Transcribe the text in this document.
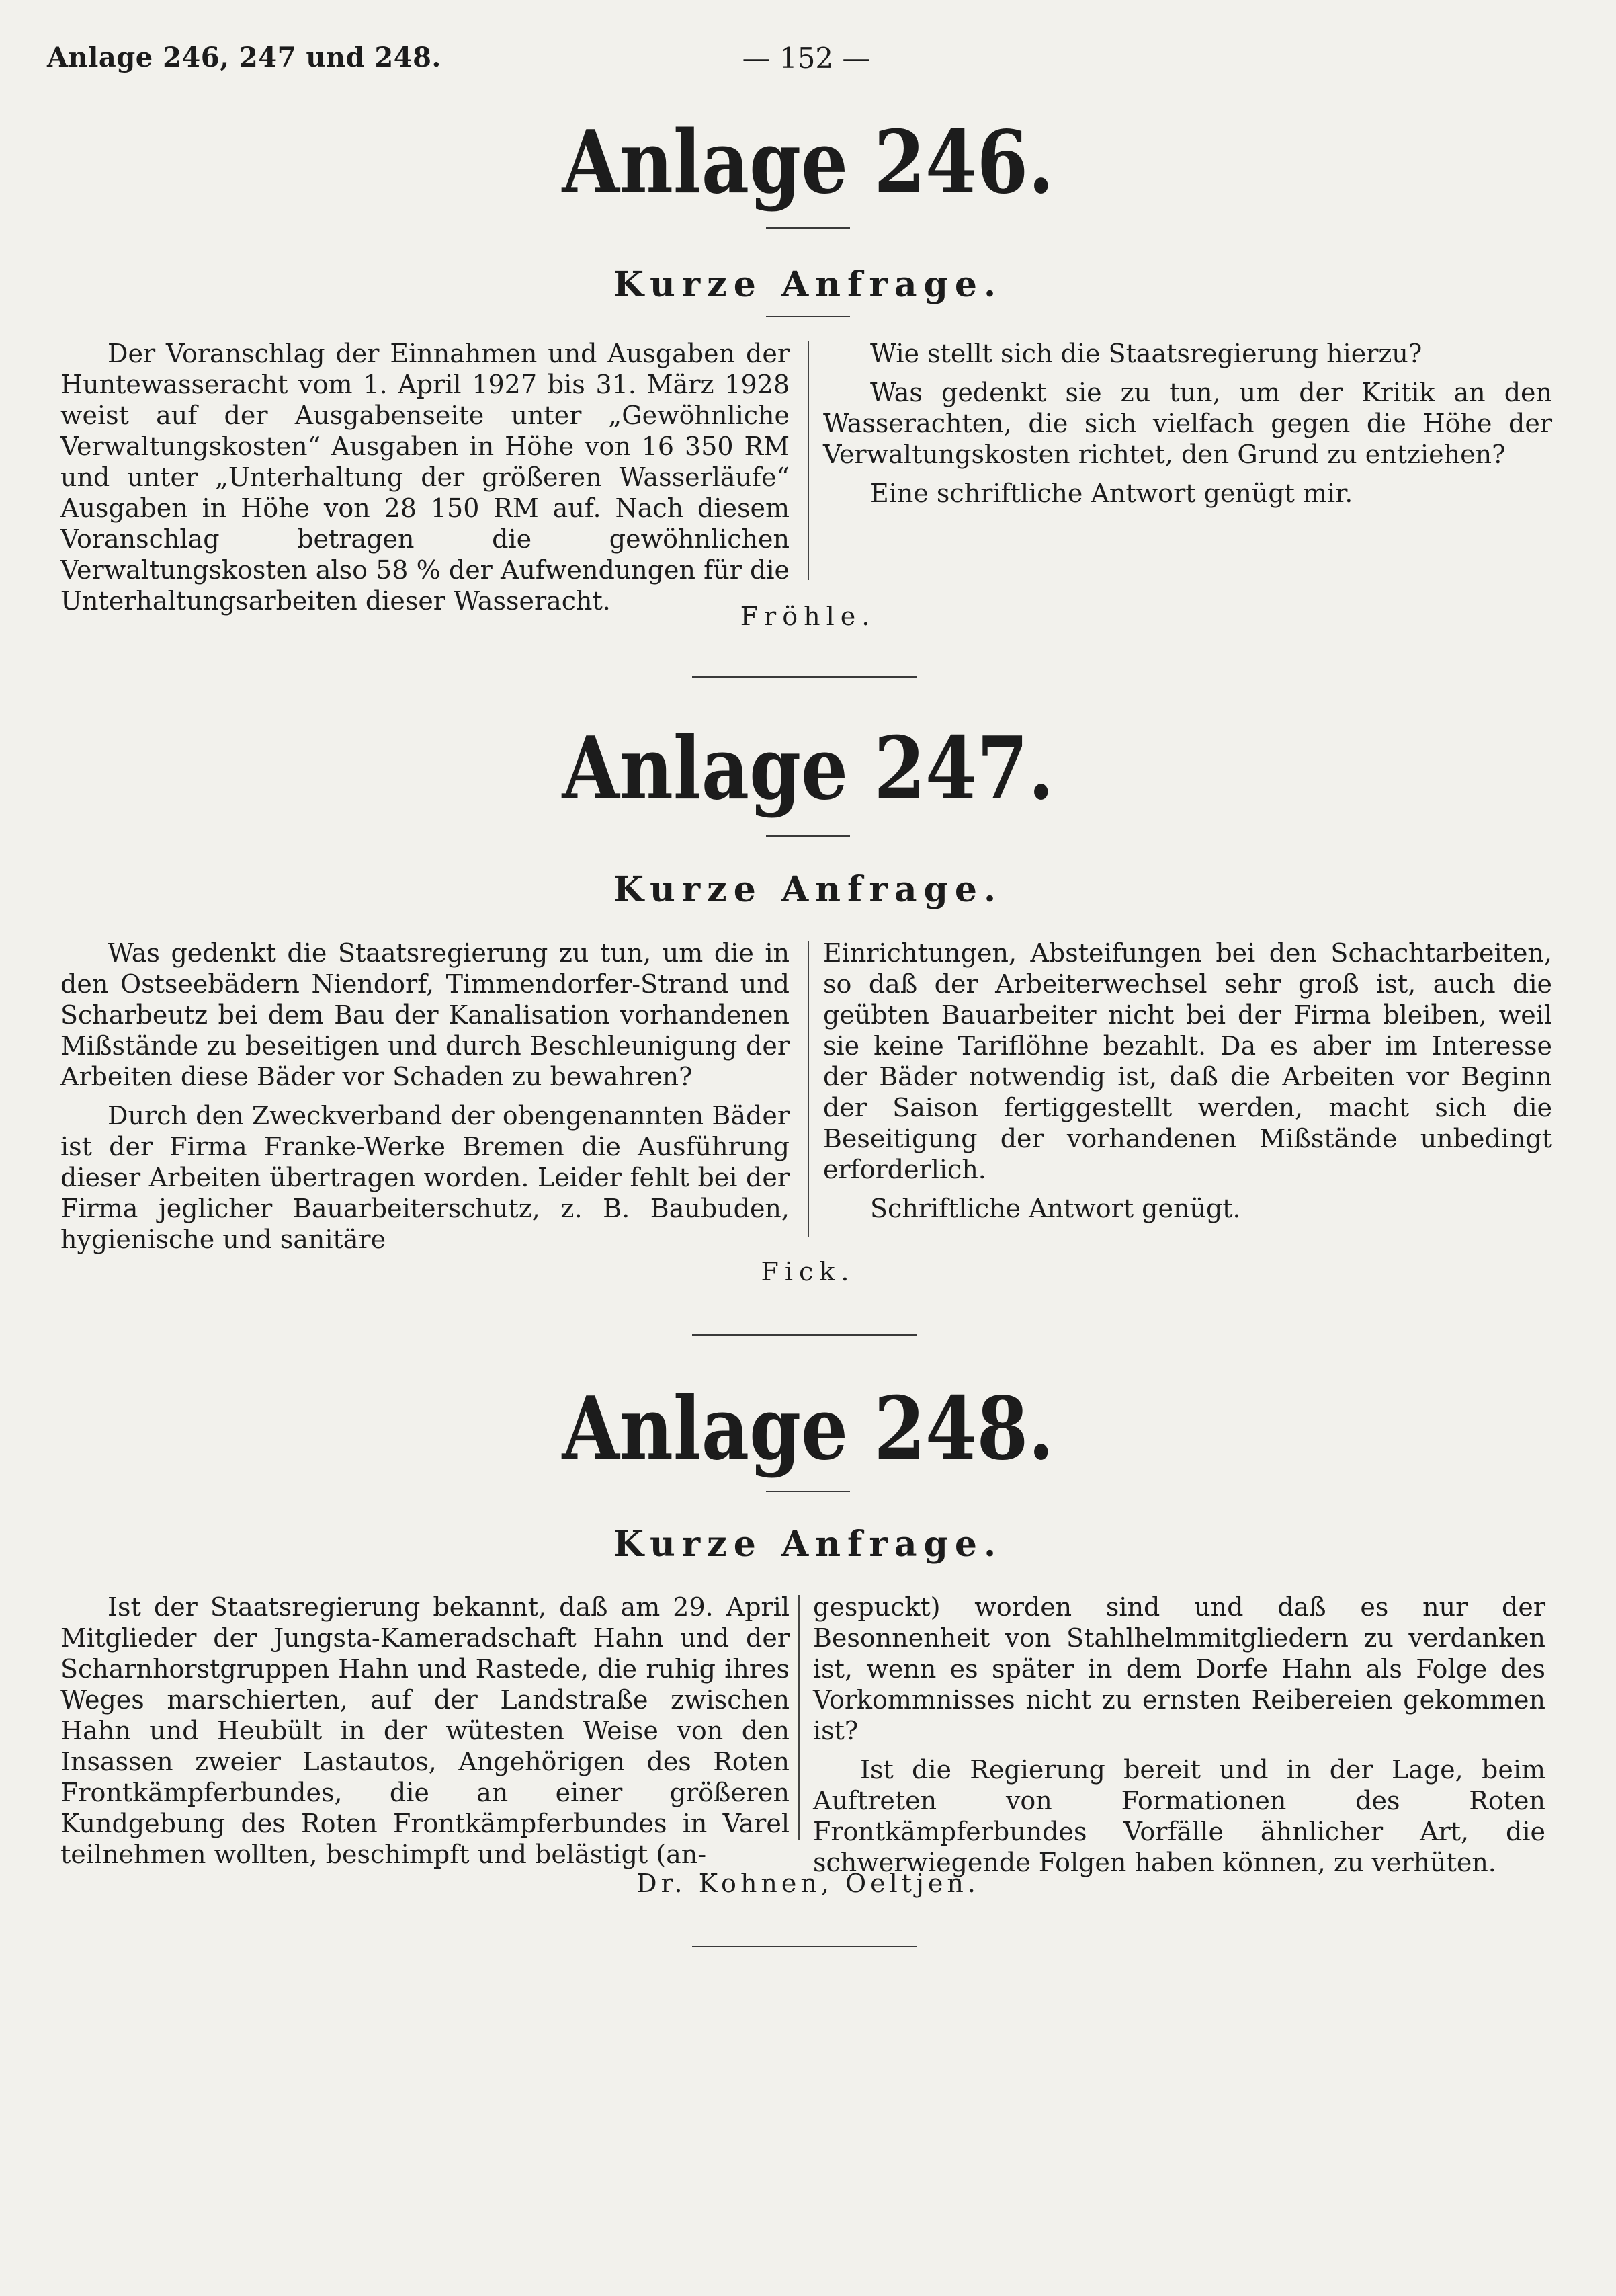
Anlage 246, 247 und 248.	— 152 —
Anlage 246.
Kurze Anfrage.

Der Voranschlag der Einnahmen und Ausgaben der Huntewasseracht vom 1. April 1927 bis 31. März 1928 weist auf der Ausgabenseite unter „Gewöhnliche Verwaltungskosten“ Ausgaben in Höhe von 16 350 RM und unter „Unterhaltung der größeren Wasserläufe“ Ausgaben in Höhe von 28 150 RM auf. Nach diesem Voranschlag betragen die gewöhnlichen Verwaltungskosten also 58 % der Aufwendungen für die Unterhaltungsarbeiten dieser Wasseracht.

Wie stellt sich die Staatsregierung hierzu?

Was gedenkt sie zu tun, um der Kritik an den Wasserachten, die sich vielfach gegen die Höhe der Verwaltungskosten richtet, den Grund zu entziehen?

Eine schriftliche Antwort genügt mir.

Fröhle.
Anlage 247.
Kurze Anfrage.

Was gedenkt die Staatsregierung zu tun, um die in den Ostseebädern Niendorf, Timmendorfer-Strand und Scharbeutz bei dem Bau der Kanalisation vorhandenen Mißstände zu beseitigen und durch Beschleunigung der Arbeiten diese Bäder vor Schaden zu bewahren?

Durch den Zweckverband der obengenannten Bäder ist der Firma Franke-Werke Bremen die Ausführung dieser Arbeiten übertragen worden. Leider fehlt bei der Firma jeglicher Bauarbeiterschutz, z. B. Baubuden, hygienische und sanitäre

Einrichtungen, Absteifungen bei den Schachtarbeiten, so daß der Arbeiterwechsel sehr groß ist, auch die geübten Bauarbeiter nicht bei der Firma bleiben, weil sie keine Tariflöhne bezahlt. Da es aber im Interesse der Bäder notwendig ist, daß die Arbeiten vor Beginn der Saison fertiggestellt werden, macht sich die Beseitigung der vorhandenen Mißstände unbedingt erforderlich.

Schriftliche Antwort genügt.

Fick.
Anlage 248.
Kurze Anfrage.

Ist der Staatsregierung bekannt, daß am 29. April Mitglieder der Jungsta-Kameradschaft Hahn und der Scharnhorstgruppen Hahn und Rastede, die ruhig ihres Weges marschierten, auf der Landstraße zwischen Hahn und Heubült in der wütesten Weise von den Insassen zweier Lastautos, Angehörigen des Roten Frontkämpferbundes, die an einer größeren Kundgebung des Roten Frontkämpferbundes in Varel teilnehmen wollten, beschimpft und belästigt (an-

gespuckt) worden sind und daß es nur der Besonnenheit von Stahlhelmmitgliedern zu verdanken ist, wenn es später in dem Dorfe Hahn als Folge des Vorkommnisses nicht zu ernsten Reibereien gekommen ist?

Ist die Regierung bereit und in der Lage, beim Auftreten von Formationen des Roten Frontkämpferbundes Vorfälle ähnlicher Art, die schwerwiegende Folgen haben können, zu verhüten.

Dr. Kohnen, Oeltjen.
